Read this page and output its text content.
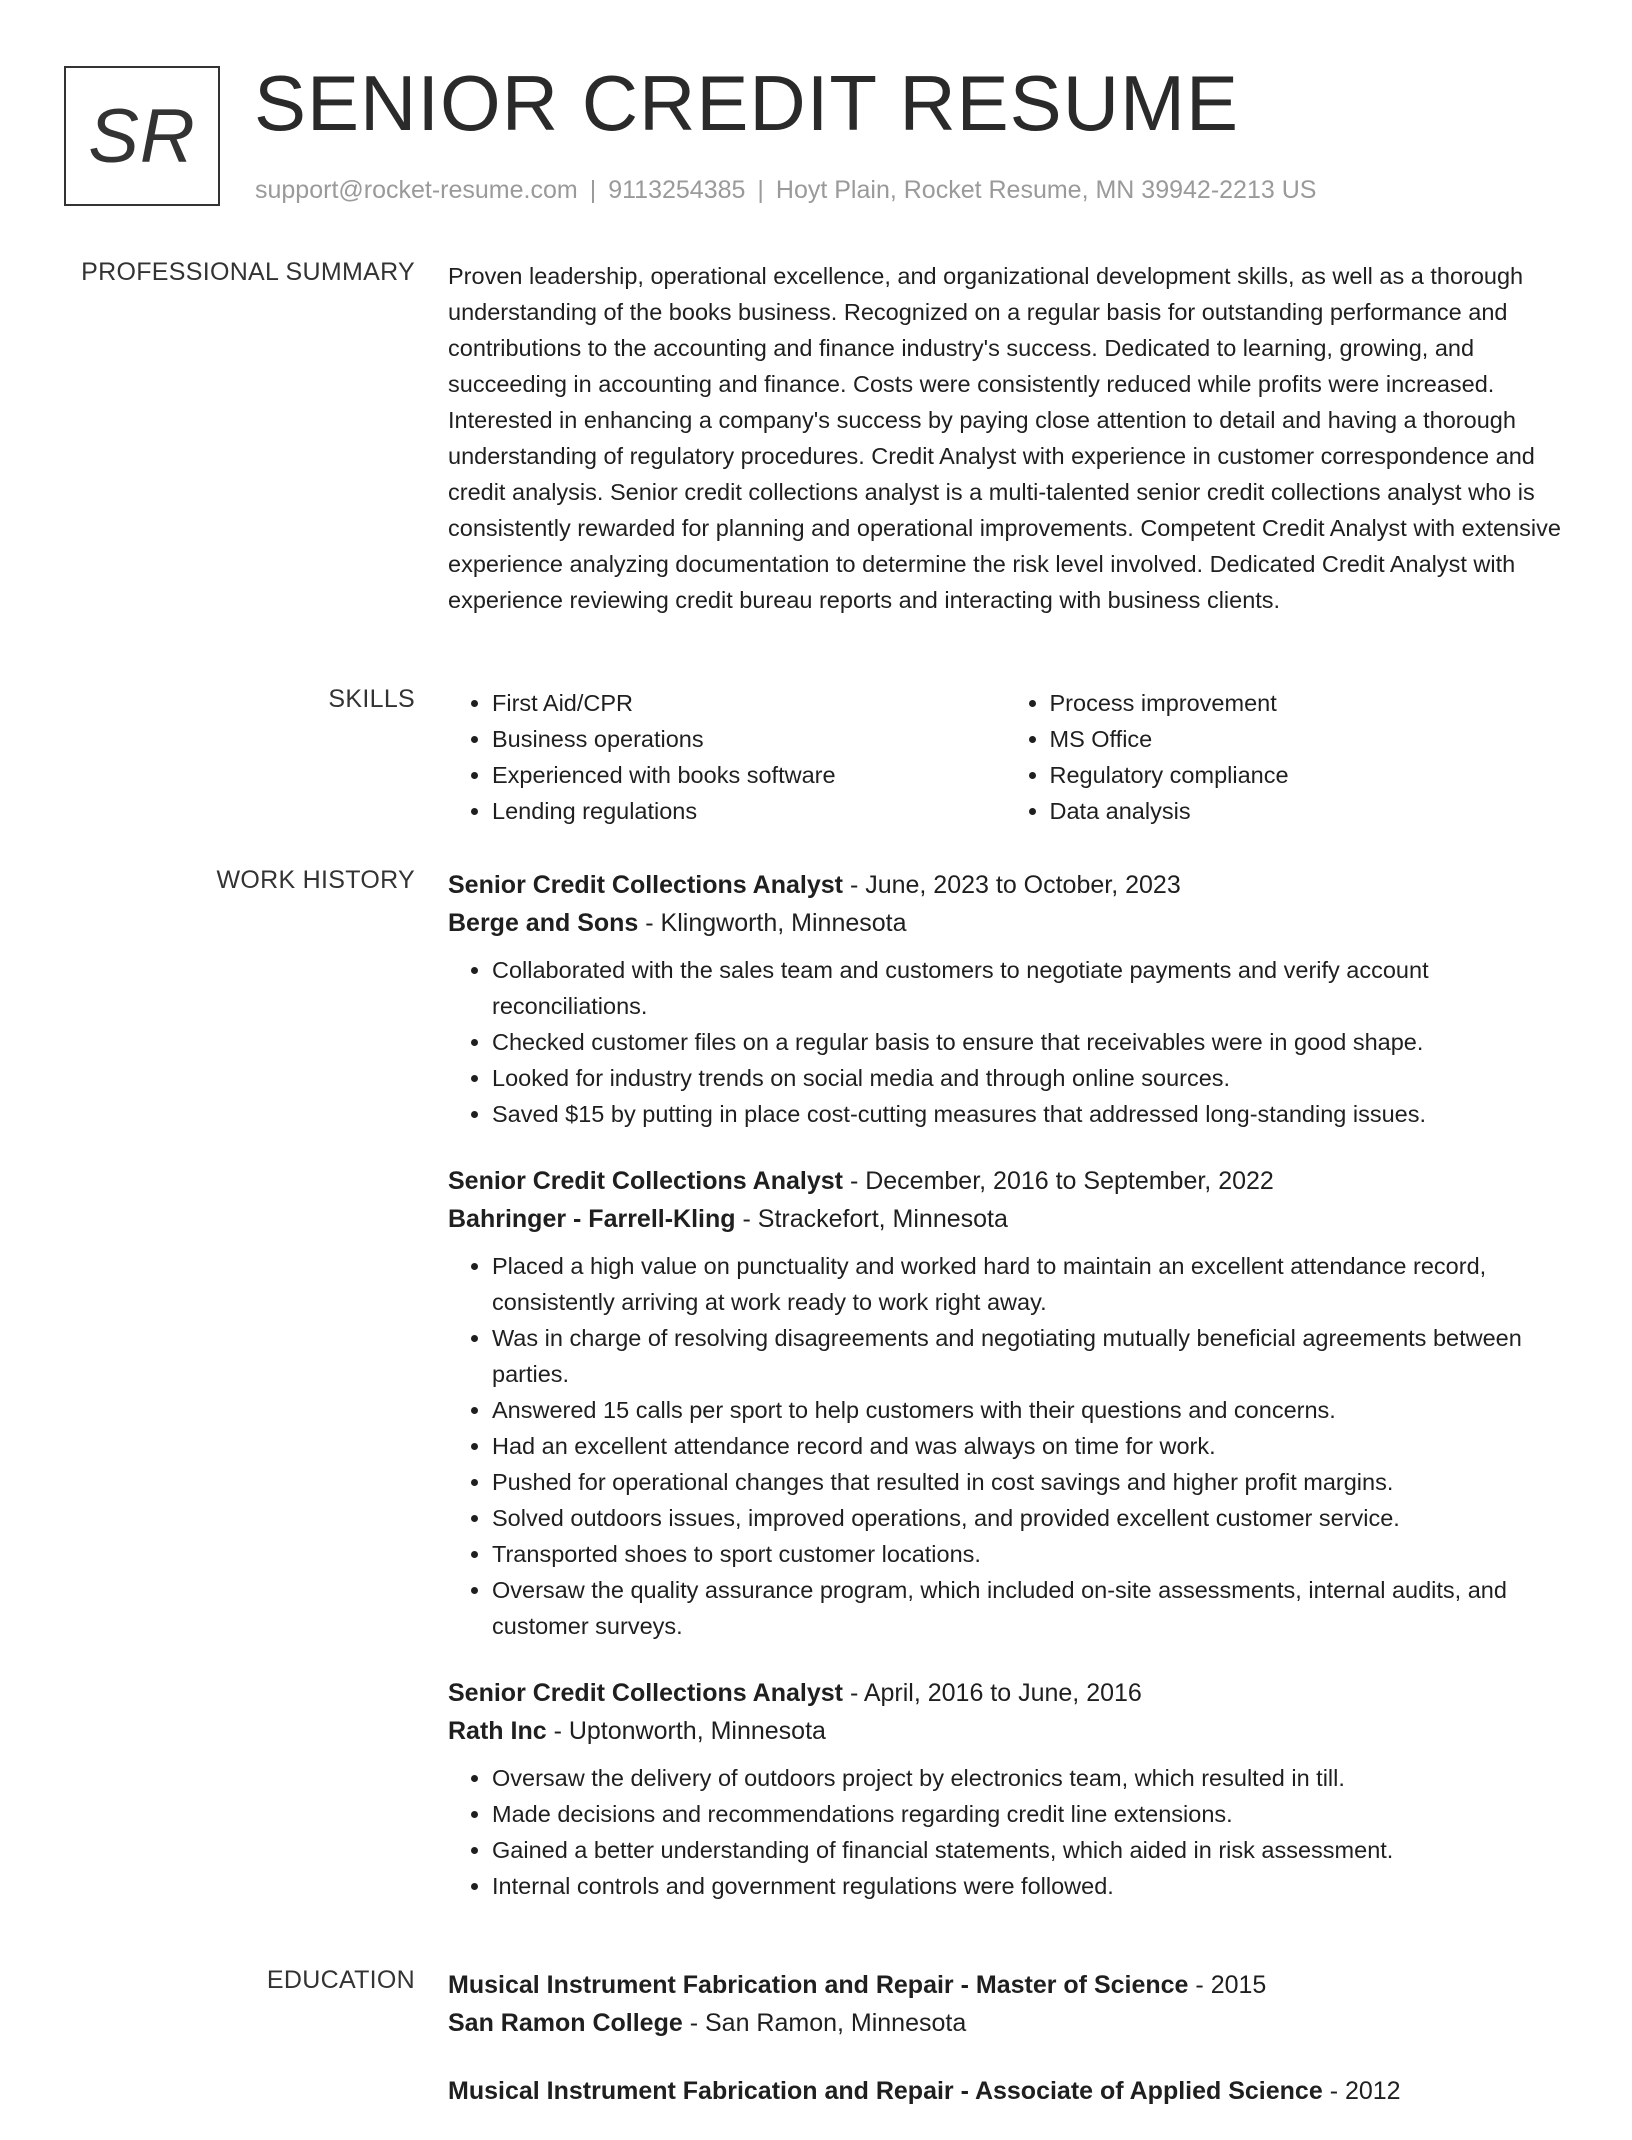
SR SENIOR CREDIT RESUME
support@rocket-resume.com | 9113254385 | Hoyt Plain, Rocket Resume, MN 39942-2213 US
PROFESSIONAL SUMMARY Proven leadership, operational excellence, and organizational development skills, as well as a thorough understanding of the books business. Recognized on a regular basis for outstanding performance and contributions to the accounting and finance industry's success. Dedicated to learning, growing, and succeeding in accounting and finance. Costs were consistently reduced while profits were increased. Interested in enhancing a company's success by paying close attention to detail and having a thorough understanding of regulatory procedures. Credit Analyst with experience in customer correspondence and credit analysis. Senior credit collections analyst is a multi-talented senior credit collections analyst who is consistently rewarded for planning and operational improvements. Competent Credit Analyst with extensive experience analyzing documentation to determine the risk level involved. Dedicated Credit Analyst with experience reviewing credit bureau reports and interacting with business clients.

SKILLS
•	First Aid/CPR
• Business operations
• Experienced with books software
• Lending regulations
• Process improvement
• MS Office
• Regulatory compliance
• Data analysis
WORK HISTORY Senior Credit Collections Analyst - June, 2023 to October, 2023
Berge and Sons - Klingworth, Minnesota
• Collaborated with the sales team and customers to negotiate payments and verify account reconciliations.
• Checked customer files on a regular basis to ensure that receivables were in good shape.
• Looked for industry trends on social media and through online sources.
• Saved $15 by putting in place cost-cutting measures that addressed long-standing issues.
Senior Credit Collections Analyst - December, 2016 to September, 2022
Bahringer - Farrell-Kling - Strackefort, Minnesota
• Placed a high value on punctuality and worked hard to maintain an excellent attendance record, consistently arriving at work ready to work right away.
• Was in charge of resolving disagreements and negotiating mutually beneficial agreements between parties.
• Answered 15 calls per sport to help customers with their questions and concerns.
• Had an excellent attendance record and was always on time for work.
• Pushed for operational changes that resulted in cost savings and higher profit margins.
• Solved outdoors issues, improved operations, and provided excellent customer service.
• Transported shoes to sport customer locations.
• Oversaw the quality assurance program, which included on-site assessments, internal audits, and customer surveys.
Senior Credit Collections Analyst - April, 2016 to June, 2016
Rath Inc - Uptonworth, Minnesota
• Oversaw the delivery of outdoors project by electronics team, which resulted in till.
• Made decisions and recommendations regarding credit line extensions.
• Gained a better understanding of financial statements, which aided in risk assessment.
• Internal controls and government regulations were followed.
EDUCATION Musical Instrument Fabrication and Repair - Master of Science - 2015
San Ramon College - San Ramon, Minnesota
Musical Instrument Fabrication and Repair - Associate of Applied Science - 2012
